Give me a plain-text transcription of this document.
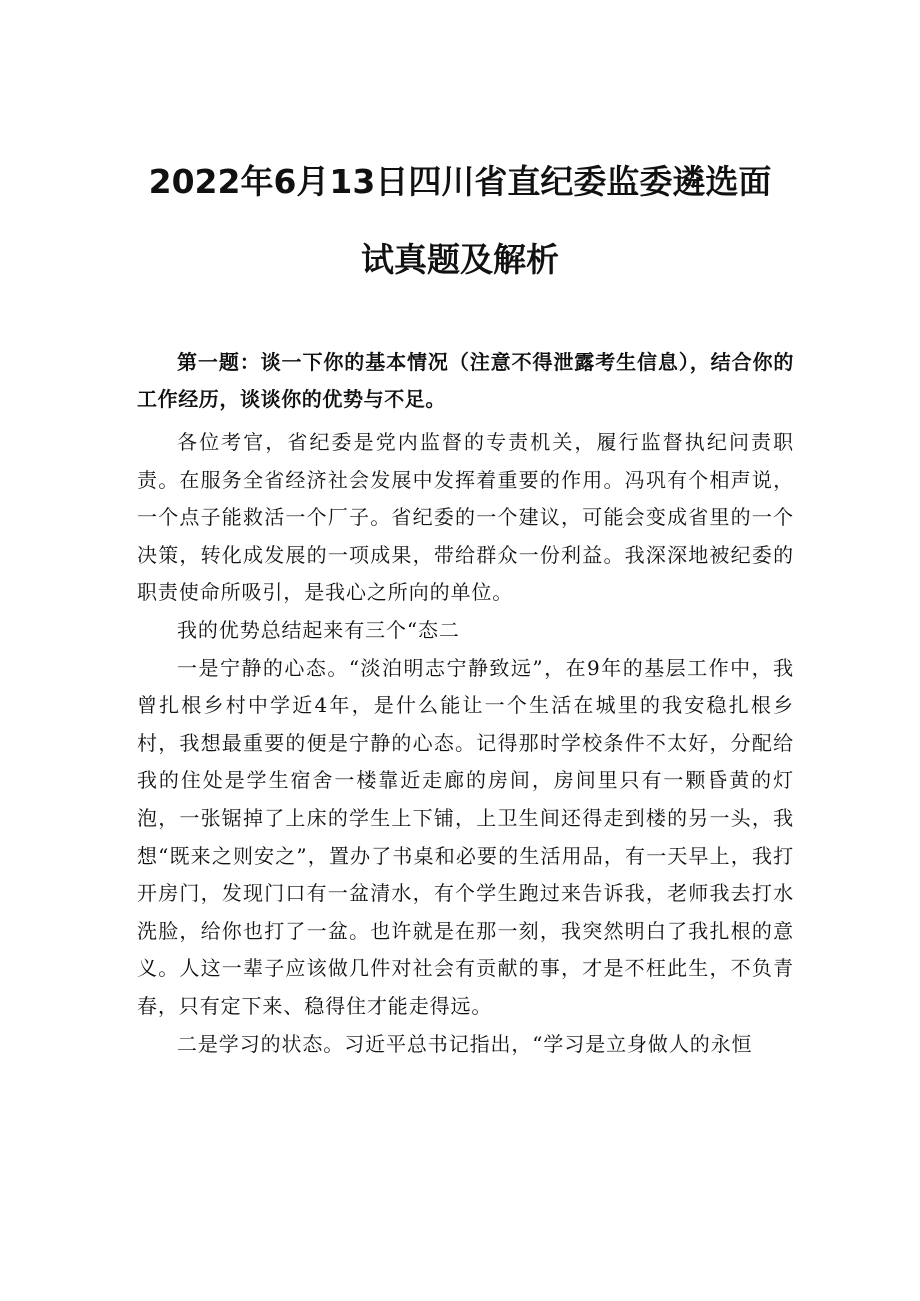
2022年6月13日四川省直纪委监委遴选面
试真题及解析

第一题：谈一下你的基本情况（注意不得泄露考生信息），结合你的工作经历，谈谈你的优势与不足。

各位考官，省纪委是党内监督的专责机关，履行监督执纪问责职责。在服务全省经济社会发展中发挥着重要的作用。冯巩有个相声说，一个点子能救活一个厂子。省纪委的一个建议，可能会变成省里的一个决策，转化成发展的一项成果，带给群众一份利益。我深深地被纪委的职责使命所吸引，是我心之所向的单位。

我的优势总结起来有三个“态二

一是宁静的心态。“淡泊明志宁静致远”，在9年的基层工作中，我曾扎根乡村中学近4年，是什么能让一个生活在城里的我安稳扎根乡村，我想最重要的便是宁静的心态。记得那时学校条件不太好，分配给我的住处是学生宿舍一楼靠近走廊的房间，房间里只有一颗昏黄的灯泡，一张锯掉了上床的学生上下铺，上卫生间还得走到楼的另一头，我想“既来之则安之”，置办了书桌和必要的生活用品，有一天早上，我打开房门，发现门口有一盆清水，有个学生跑过来告诉我，老师我去打水洗脸，给你也打了一盆。也许就是在那一刻，我突然明白了我扎根的意义。人这一辈子应该做几件对社会有贡献的事，才是不枉此生，不负青春，只有定下来、稳得住才能走得远。

二是学习的状态。习近平总书记指出，“学习是立身做人的永恒
